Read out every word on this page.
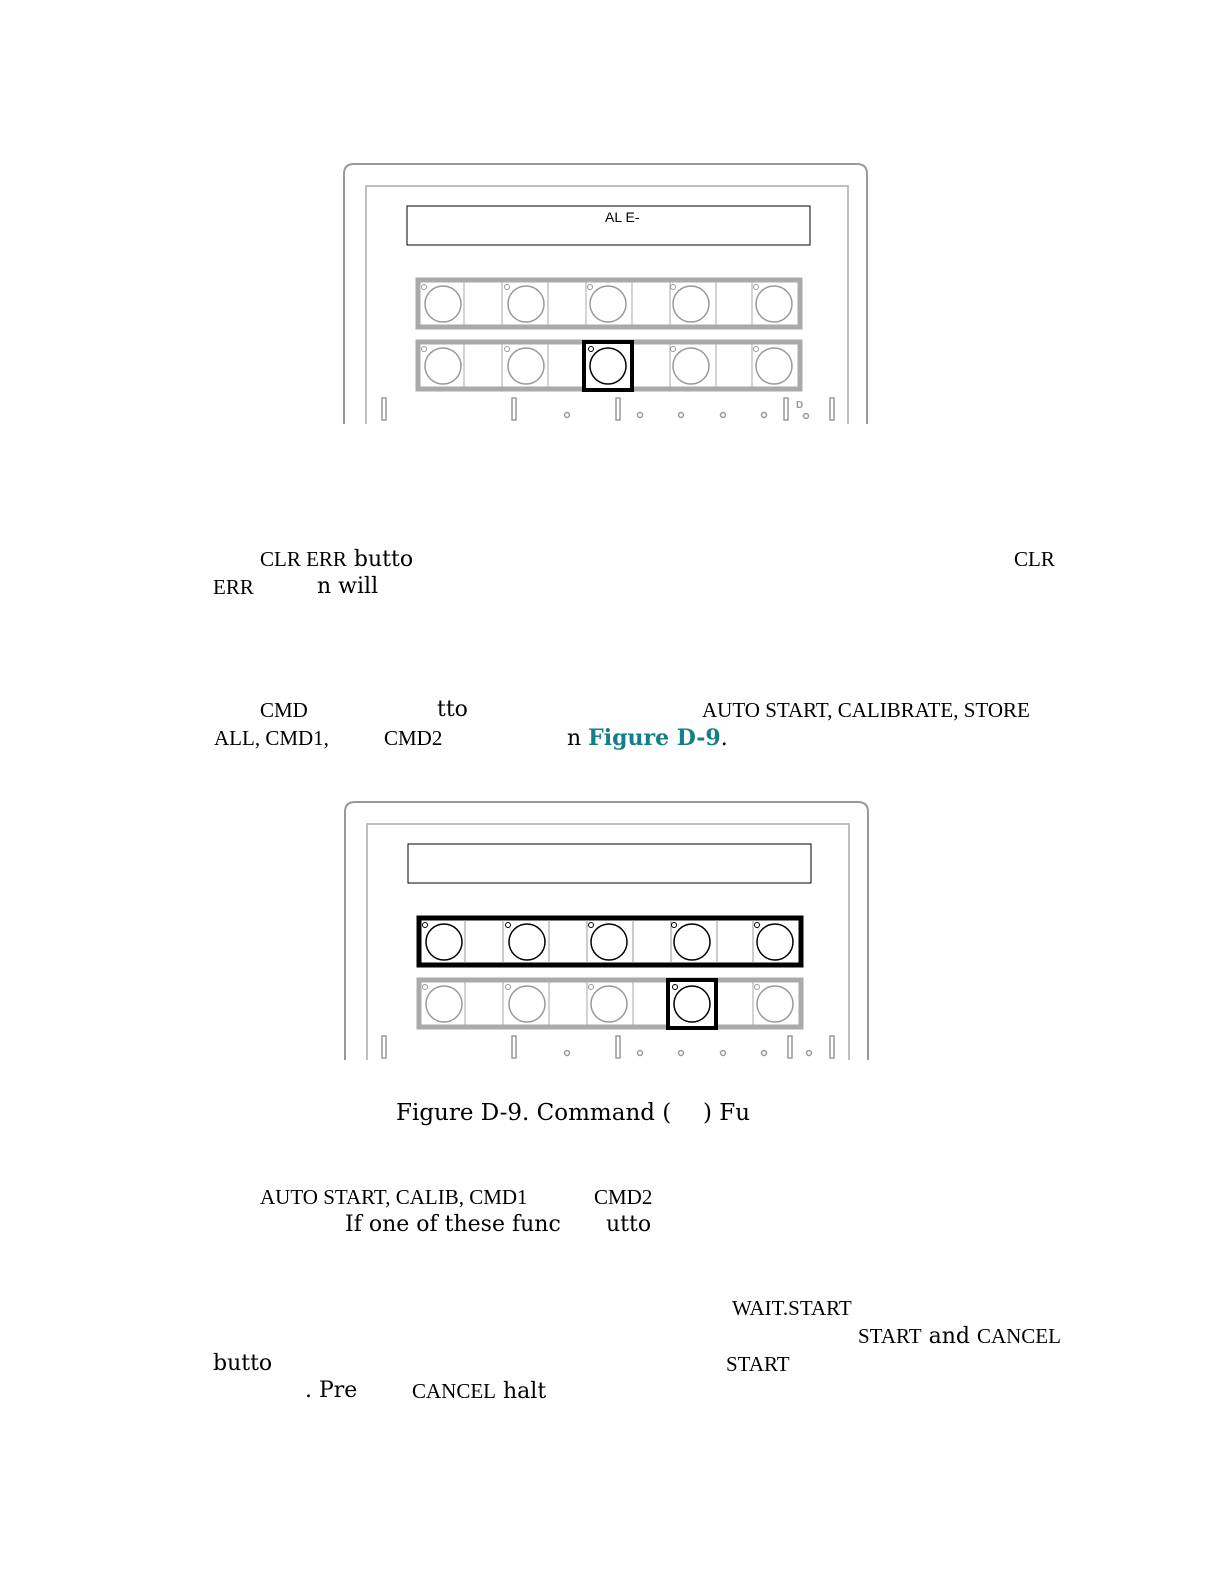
AL E-
D
CLR ERR butto	CLR
ERR	n will
CMD	tto	AUTO START, CALIBRATE, STORE
ALL, CMD1,	CMD2	n Figure D-9.
Figure D-9. Command ( ) Fu
AUTO START, CALIB, CMD1	CMD2
If one of these func utto
WAIT.START
START and CANCEL
butto	START
. Pre	CANCEL halt
